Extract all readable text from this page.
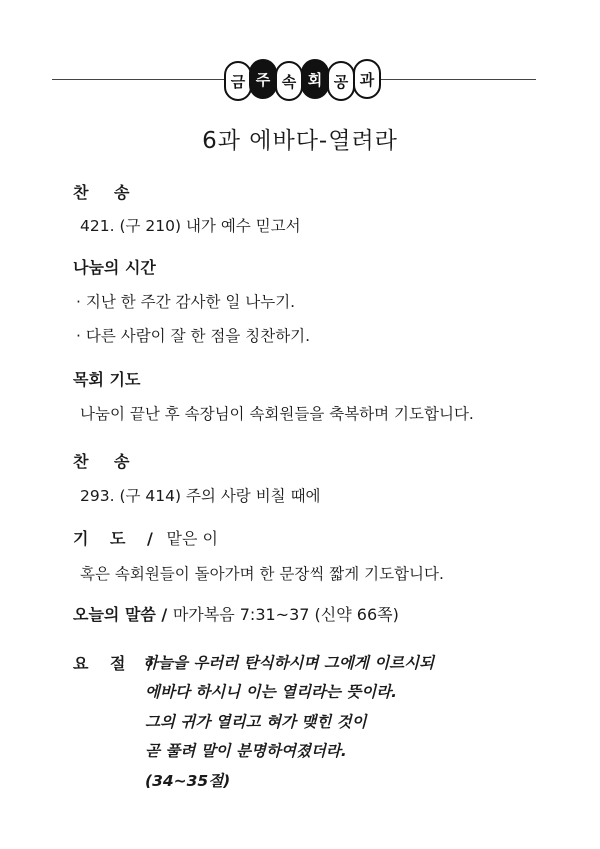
금 주 속 회 공 과
6과 에바다-열려라
찬 송
421. (구 210) 내가 예수 믿고서
나눔의 시간
· 지난 한 주간 감사한 일 나누기.
· 다른 사람이 잘 한 점을 칭찬하기.
목회 기도
나눔이 끝난 후 속장님이 속회원들을 축복하며 기도합니다.
찬 송
293. (구 414) 주의 사랑 비칠 때에
기 도 / 맡은 이
혹은 속회원들이 돌아가며 한 문장씩 짧게 기도합니다.
오늘의 말씀 / 마가복음 7:31~37 (신약 66쪽)
요 절 /
하늘을 우러러 탄식하시며 그에게 이르시되
에바다 하시니 이는 열리라는 뜻이라.
그의 귀가 열리고 혀가 맺힌 것이
곧 풀려 말이 분명하여졌더라.
(34~35절)
